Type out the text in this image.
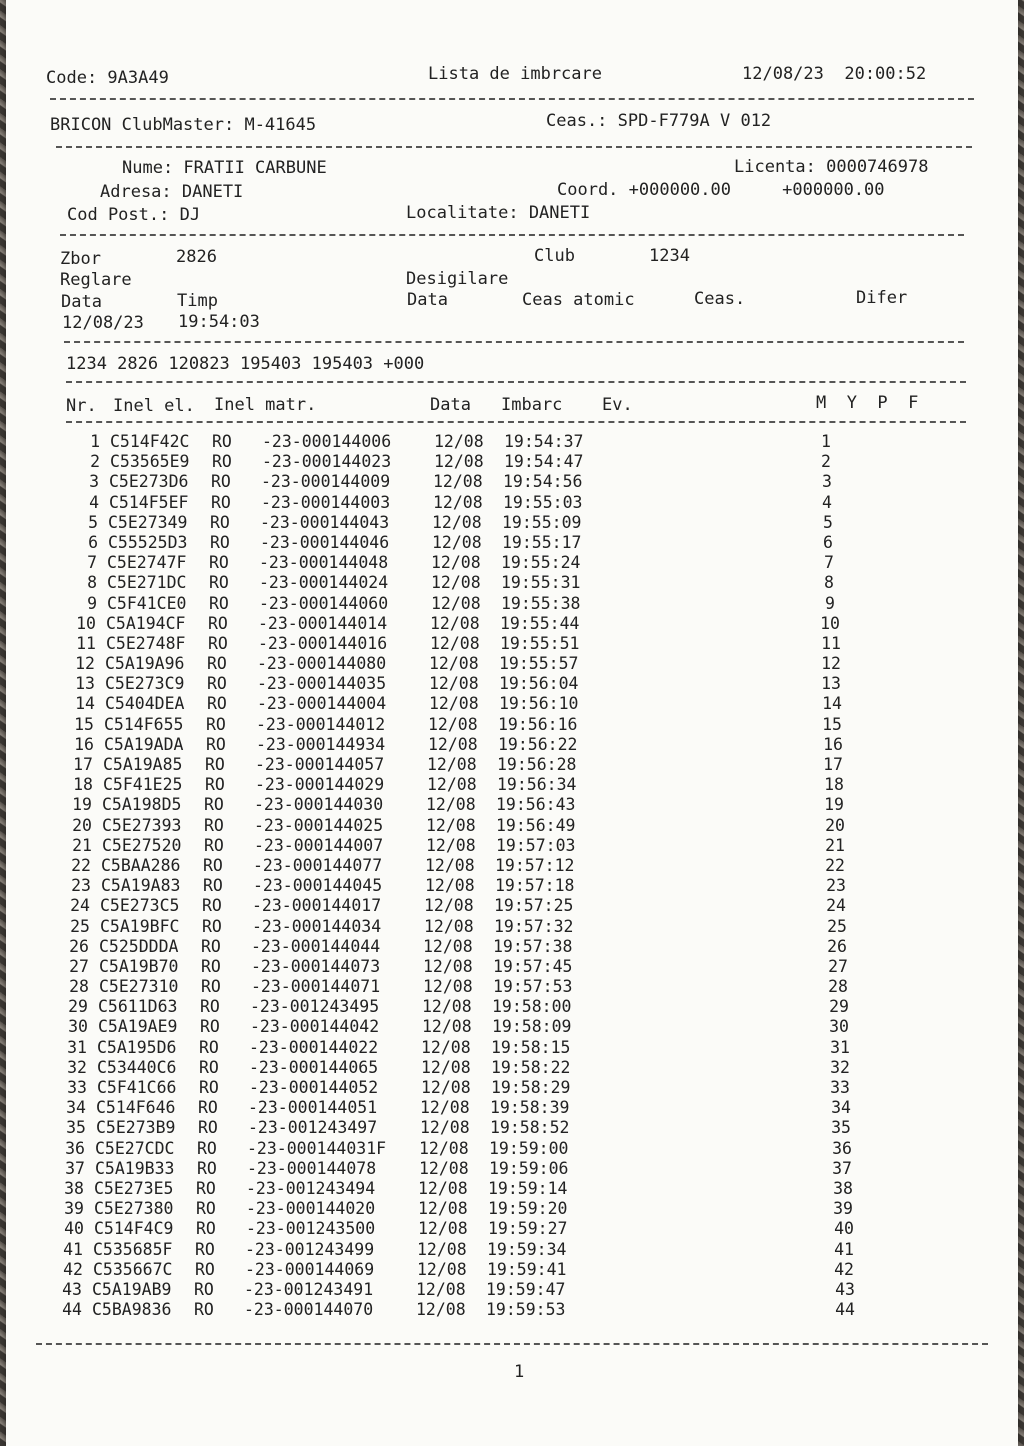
Code: 9A3A49	Lista de imbrcare	12/08/23  20:00:52
BRICON ClubMaster: M-41645	Ceas.: SPD-F779A V 012
Nume: FRATII CARBUNE	Licenta: 0000746978
Adresa: DANETI	Coord. +000000.00     +000000.00
Cod Post.: DJ	Localitate: DANETI
Zbor	2826	Club	1234
Reglare	Desigilare
Data	Timp	Data	Ceas atomic	Ceas.	Difer
12/08/23 19:54:03
1234 2826 120823 195403 195403 +000
Nr. Inel el. Inel matr.	Data Imbarc Ev.	M  Y  P  F
1 C514F42C RO -23-000144006	12/08 19:54:37	1
2 C53565E9 RO -23-000144023	12/08 19:54:47	2
3 C5E273D6 RO -23-000144009	12/08 19:54:56	3
4 C514F5EF RO -23-000144003	12/08 19:55:03	4
5 C5E27349 RO -23-000144043	12/08 19:55:09	5
6 C55525D3 RO -23-000144046	12/08 19:55:17	6
7 C5E2747F RO -23-000144048	12/08 19:55:24	7
8 C5E271DC RO -23-000144024	12/08 19:55:31	8
9 C5F41CE0 RO -23-000144060	12/08 19:55:38	9
10 C5A194CF RO -23-000144014	12/08 19:55:44	10
11 C5E2748F RO -23-000144016	12/08 19:55:51	11
12 C5A19A96 RO -23-000144080	12/08 19:55:57	12
13 C5E273C9 RO -23-000144035	12/08 19:56:04	13
14 C5404DEA RO -23-000144004	12/08 19:56:10	14
15 C514F655 RO -23-000144012	12/08 19:56:16	15
16 C5A19ADA RO -23-000144934	12/08 19:56:22	16
17 C5A19A85 RO -23-000144057	12/08 19:56:28	17
18 C5F41E25 RO -23-000144029	12/08 19:56:34	18
19 C5A198D5 RO -23-000144030	12/08 19:56:43	19
20 C5E27393 RO -23-000144025	12/08 19:56:49	20
21 C5E27520 RO -23-000144007	12/08 19:57:03	21
22 C5BAA286 RO -23-000144077	12/08 19:57:12	22
23 C5A19A83 RO -23-000144045	12/08 19:57:18	23
24 C5E273C5 RO -23-000144017	12/08 19:57:25	24
25 C5A19BFC RO -23-000144034	12/08 19:57:32	25
26 C525DDDA RO -23-000144044	12/08 19:57:38	26
27 C5A19B70 RO -23-000144073	12/08 19:57:45	27
28 C5E27310 RO -23-000144071	12/08 19:57:53	28
29 C5611D63 RO -23-001243495	12/08 19:58:00	29
30 C5A19AE9 RO -23-000144042	12/08 19:58:09	30
31 C5A195D6 RO -23-000144022	12/08 19:58:15	31
32 C53440C6 RO -23-000144065	12/08 19:58:22	32
33 C5F41C66 RO -23-000144052	12/08 19:58:29	33
34 C514F646 RO -23-000144051	12/08 19:58:39	34
35 C5E273B9 RO -23-001243497	12/08 19:58:52	35
36 C5E27CDC RO -23-000144031F 12/08 19:59:00	36
37 C5A19B33 RO -23-000144078	12/08 19:59:06	37
38 C5E273E5 RO -23-001243494	12/08 19:59:14	38
39 C5E27380 RO -23-000144020	12/08 19:59:20	39
40 C514F4C9 RO -23-001243500	12/08 19:59:27	40
41 C535685F RO -23-001243499	12/08 19:59:34	41
42 C535667C RO -23-000144069	12/08 19:59:41	42
43 C5A19AB9 RO -23-001243491	12/08 19:59:47	43
44 C5BA9836 RO -23-000144070	12/08 19:59:53	44
1
